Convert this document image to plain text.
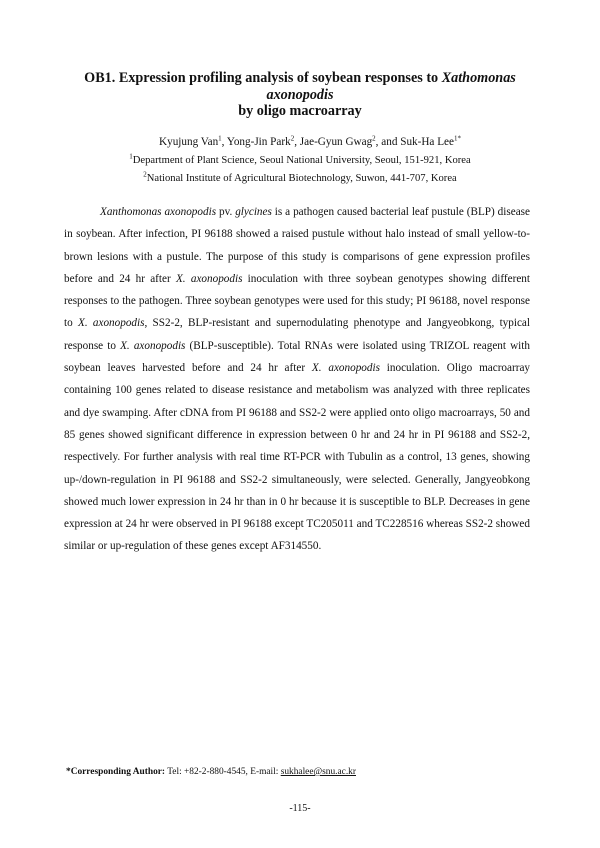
OB1. Expression profiling analysis of soybean responses to Xathomonas
axonopodis
by oligo macroarray
Kyujung Van$^1$, Yong-Jin Park$^2$, Jae-Gyun Gwag$^2$, and Suk-Ha Lee$^{1*}$
$^1$Department of Plant Science, Seoul National University, Seoul, 151-921, Korea
$^2$National Institute of Agricultural Biotechnology, Suwon, 441-707, Korea

Xanthomonas axonopodis pv. glycines is a pathogen caused bacterial leaf pustule (BLP) disease in soybean. After infection, PI 96188 showed a raised pustule without halo instead of small yellow-to-brown lesions with a pustule. The purpose of this study is comparisons of gene expression profiles before and 24 hr after X. axonopodis inoculation with three soybean genotypes showing different responses to the pathogen. Three soybean genotypes were used for this study; PI 96188, novel response to X. axonopodis, SS2-2, BLP-resistant and supernodulating phenotype and Jangyeobkong, typical response to X. axonopodis (BLP-susceptible). Total RNAs were isolated using TRIZOL reagent with soybean leaves harvested before and 24 hr after X. axonopodis inoculation. Oligo macroarray containing 100 genes related to disease resistance and metabolism was analyzed with three replicates and dye swamping. After cDNA from PI 96188 and SS2-2 were applied onto oligo macroarrays, 50 and 85 genes showed significant difference in expression between 0 hr and 24 hr in PI 96188 and SS2-2, respectively. For further analysis with real time RT-PCR with Tubulin as a control, 13 genes, showing up-/down-regulation in PI 96188 and SS2-2 simultaneously, were selected. Generally, Jangyeobkong showed much lower expression in 24 hr than in 0 hr because it is susceptible to BLP. Decreases in gene expression at 24 hr were observed in PI 96188 except TC205011 and TC228516 whereas SS2-2 showed similar or up-regulation of these genes except AF314550.

*Corresponding Author: Tel: +82-2-880-4545, E-mail: sukhalee@snu.ac.kr
-115-
